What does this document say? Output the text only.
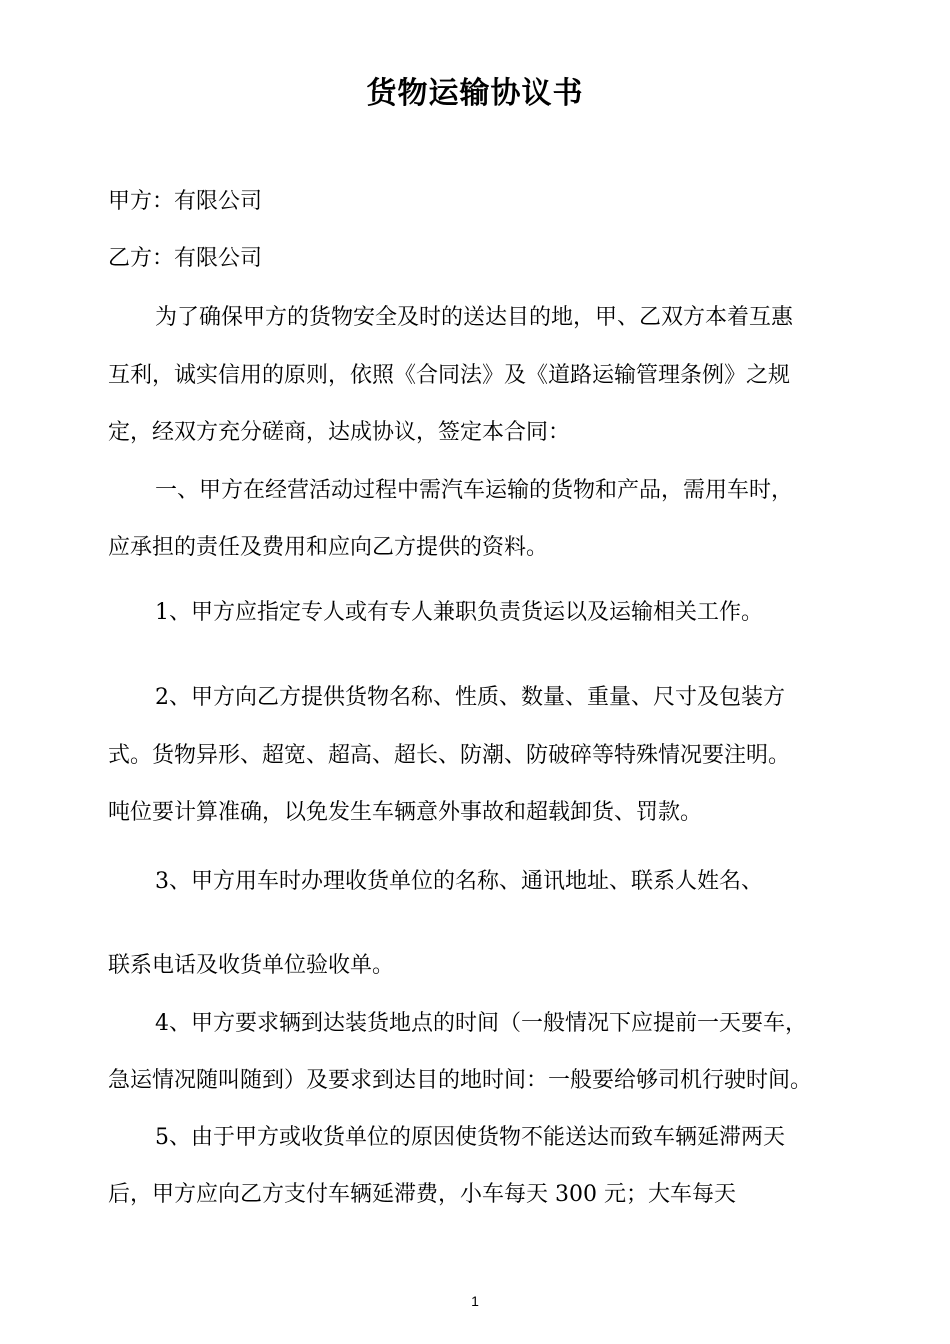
货物运输协议书
甲方：有限公司
乙方：有限公司
为了确保甲方的货物安全及时的送达目的地，甲、乙双方本着互惠
互利，诚实信用的原则，依照《合同法》及《道路运输管理条例》之规
定，经双方充分磋商，达成协议，签定本合同：
一、甲方在经营活动过程中需汽车运输的货物和产品，需用车时，
应承担的责任及费用和应向乙方提供的资料。
1、甲方应指定专人或有专人兼职负责货运以及运输相关工作。
2、甲方向乙方提供货物名称、性质、数量、重量、尺寸及包装方
式。货物异形、超宽、超高、超长、防潮、防破碎等特殊情况要注明。
吨位要计算准确，以免发生车辆意外事故和超载卸货、罚款。
3、甲方用车时办理收货单位的名称、通讯地址、联系人姓名、
联系电话及收货单位验收单。
4、甲方要求辆到达装货地点的时间（一般情况下应提前一天要车，
急运情况随叫随到）及要求到达目的地时间：一般要给够司机行驶时间。
5、由于甲方或收货单位的原因使货物不能送达而致车辆延滞两天
后，甲方应向乙方支付车辆延滞费，小车每天 300 元；大车每天
1
